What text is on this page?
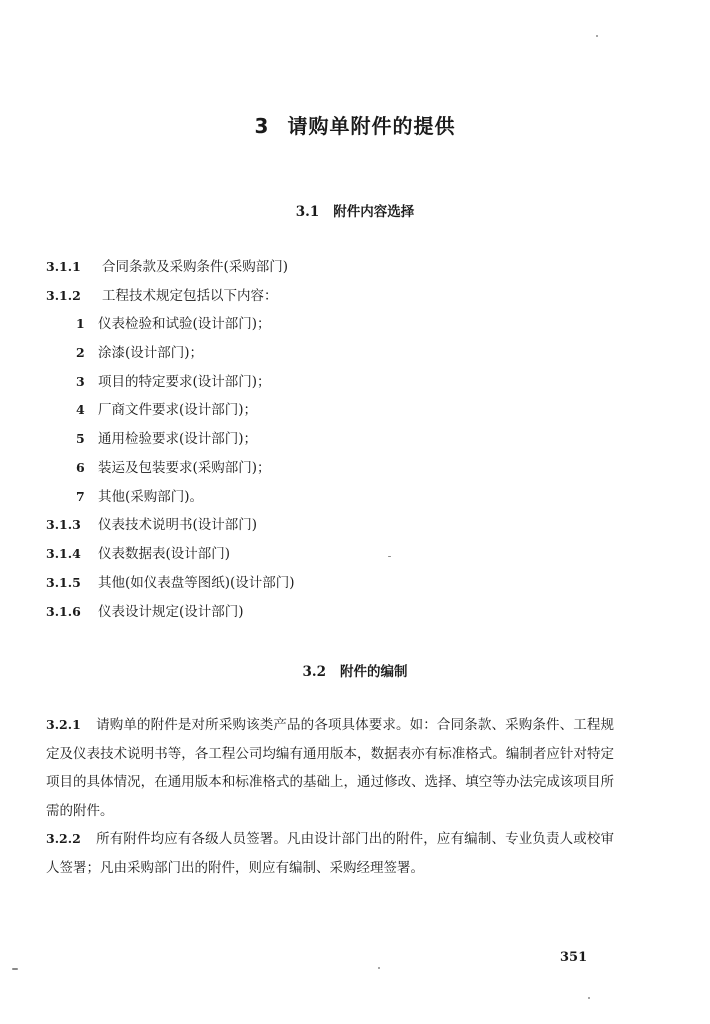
3 请购单附件的提供
3.1 附件内容选择
3.1.1 合同条款及采购条件(采购部门)
3.1.2 工程技术规定包括以下内容：
1 仪表检验和试验(设计部门)；
2 涂漆(设计部门)；
3 项目的特定要求(设计部门)；
4 厂商文件要求(设计部门)；
5 通用检验要求(设计部门)；
6 装运及包装要求(采购部门)；
7 其他(采购部门)。
3.1.3 仪表技术说明书(设计部门)
3.1.4 仪表数据表(设计部门)
3.1.5 其他(如仪表盘等图纸)(设计部门)
3.1.6 仪表设计规定(设计部门)
3.2 附件的编制
3.2.1 请购单的附件是对所采购该类产品的各项具体要求。如：合同条款、采购条件、工程规定及仪表技术说明书等，各工程公司均编有通用版本，数据表亦有标准格式。编制者应针对特定项目的具体情况，在通用版本和标准格式的基础上，通过修改、选择、填空等办法完成该项目所需的附件。
3.2.2 所有附件均应有各级人员签署。凡由设计部门出的附件，应有编制、专业负责人或校审人签署；凡由采购部门出的附件，则应有编制、采购经理签署。
351
